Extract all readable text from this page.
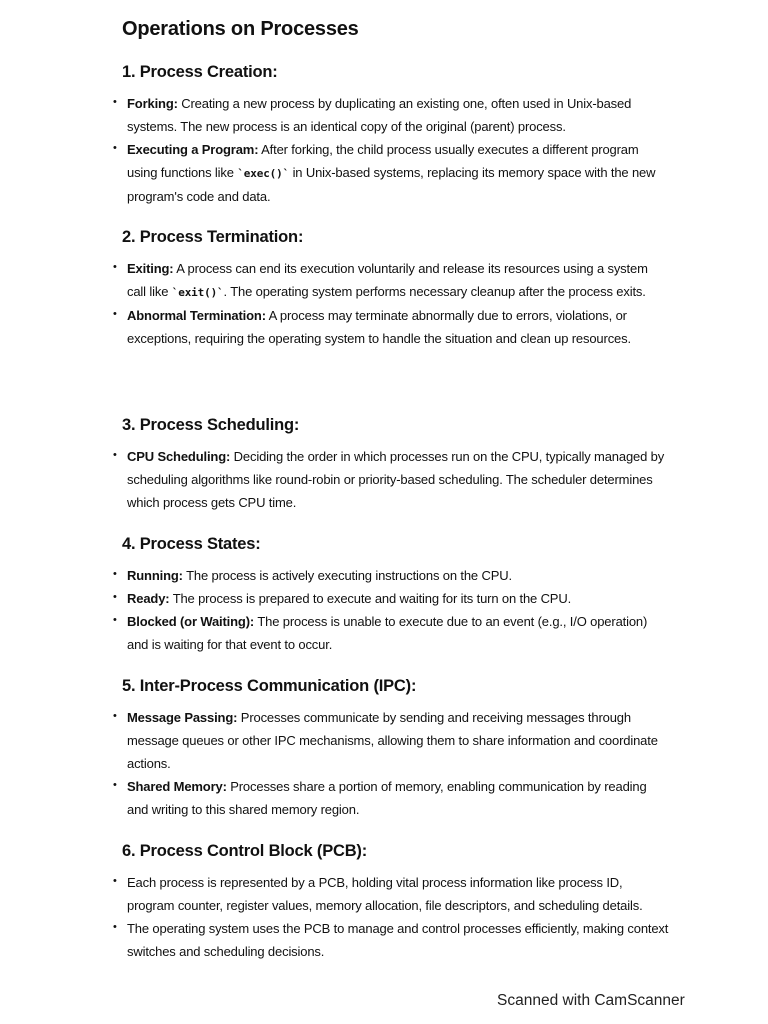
Operations on Processes
1. Process Creation:
• Forking: Creating a new process by duplicating an existing one, often used in Unix-based systems. The new process is an identical copy of the original (parent) process.
• Executing a Program: After forking, the child process usually executes a different program using functions like `exec()` in Unix-based systems, replacing its memory space with the new program's code and data.
2. Process Termination:
• Exiting: A process can end its execution voluntarily and release its resources using a system call like `exit()`. The operating system performs necessary cleanup after the process exits.
• Abnormal Termination: A process may terminate abnormally due to errors, violations, or exceptions, requiring the operating system to handle the situation and clean up resources.
3. Process Scheduling:
• CPU Scheduling: Deciding the order in which processes run on the CPU, typically managed by scheduling algorithms like round-robin or priority-based scheduling. The scheduler determines which process gets CPU time.
4. Process States:
• Running: The process is actively executing instructions on the CPU.
• Ready: The process is prepared to execute and waiting for its turn on the CPU.
• Blocked (or Waiting): The process is unable to execute due to an event (e.g., I/O operation) and is waiting for that event to occur.
5. Inter-Process Communication (IPC):
• Message Passing: Processes communicate by sending and receiving messages through message queues or other IPC mechanisms, allowing them to share information and coordinate actions.
• Shared Memory: Processes share a portion of memory, enabling communication by reading and writing to this shared memory region.
6. Process Control Block (PCB):
• Each process is represented by a PCB, holding vital process information like process ID, program counter, register values, memory allocation, file descriptors, and scheduling details.
• The operating system uses the PCB to manage and control processes efficiently, making context switches and scheduling decisions.
Scanned with CamScanner
